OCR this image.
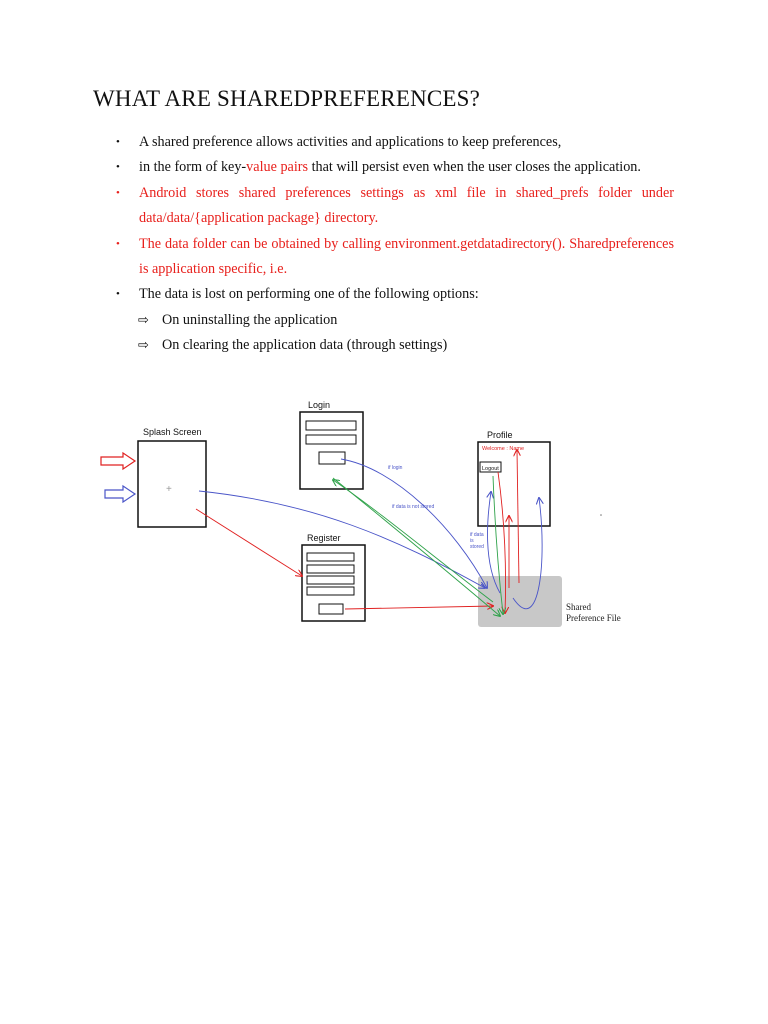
WHAT ARE SHAREDPREFERENCES?
• A shared preference allows activities and applications to keep preferences,
• in the form of key-value pairs that will persist even when the user closes the application.
• Android stores shared preferences settings as xml file in shared_prefs folder under data/data/{application package} directory.
• The data folder can be obtained by calling environment.getdatadirectory(). Sharedpreferences is application specific, i.e.
• The data is lost on performing one of the following options:
⇨ On uninstalling the application
⇨ On clearing the application data (through settings)
Shared
Preference File
Splash Screen
+
Login
Register
Profile
Welcome : Name
Logout
if login
if data is not stored
if data
is
stored
